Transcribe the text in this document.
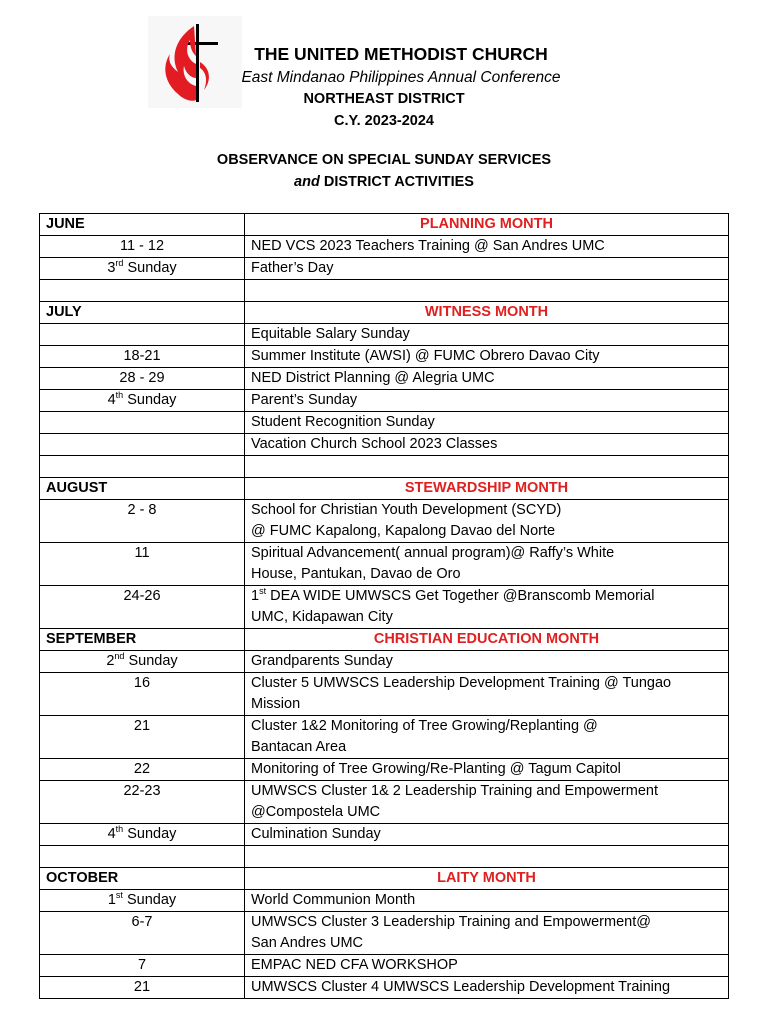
THE UNITED METHODIST CHURCH
East Mindanao Philippines Annual Conference
NORTHEAST DISTRICT
C.Y. 2023-2024
OBSERVANCE ON SPECIAL SUNDAY SERVICES
and DISTRICT ACTIVITIES
JUNE	PLANNING MONTH
11 - 12	NED VCS 2023 Teachers Training @ San Andres UMC

3rd Sunday	Father’s Day

JULY	WITNESS MONTH

	Equitable Salary Sunday

18-21	Summer Institute (AWSI) @ FUMC Obrero Davao City

28 - 29	NED District Planning @ Alegria UMC

4th Sunday	Parent’s Sunday

	Student Recognition Sunday

	Vacation Church School 2023 Classes

AUGUST	STEWARDSHIP MONTH
2 - 8	School for Christian Youth Development (SCYD)
@ FUMC Kapalong, Kapalong Davao del Norte

11	Spiritual Advancement( annual program)@ Raffy’s White
House, Pantukan, Davao de Oro

24-26	1st DEA WIDE UMWSCS Get Together @Branscomb Memorial
UMC, Kidapawan City

SEPTEMBER	CHRISTIAN EDUCATION MONTH
2nd Sunday	Grandparents Sunday

16	Cluster 5 UMWSCS Leadership Development Training @ Tungao
Mission

21	Cluster 1&2 Monitoring of Tree Growing/Replanting @
Bantacan Area

22	Monitoring of Tree Growing/Re-Planting @ Tagum Capitol

22-23	UMWSCS Cluster 1& 2 Leadership Training and Empowerment
@Compostela UMC

4th Sunday	Culmination Sunday

OCTOBER	LAITY MONTH
1st Sunday	World Communion Month

6-7	UMWSCS Cluster 3 Leadership Training and Empowerment@
San Andres UMC

7	EMPAC NED CFA WORKSHOP

21	UMWSCS Cluster 4 UMWSCS Leadership Development Training
